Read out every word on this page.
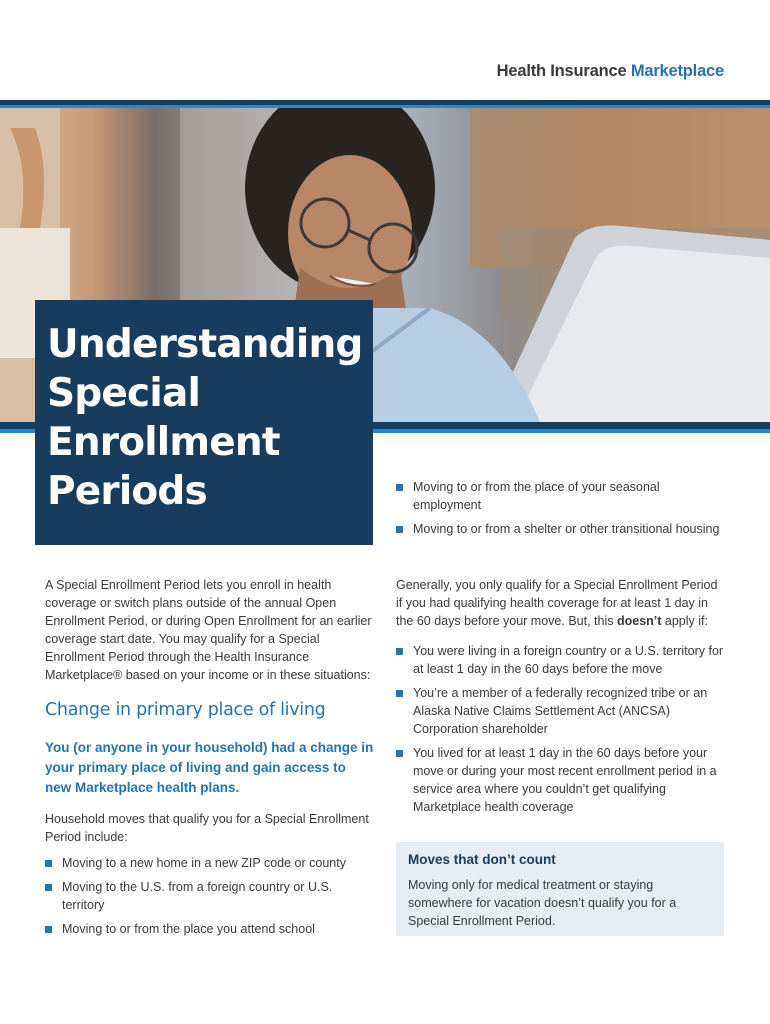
Health Insurance Marketplace
Understanding
Special
Enrollment
Periods	Moving to or from the place of your seasonal employment
Moving to or from a shelter or other transitional housing

A Special Enrollment Period lets you enroll in health coverage or switch plans outside of the annual Open Enrollment Period, or during Open Enrollment for an earlier coverage start date. You may qualify for a Special Enrollment Period through the Health Insurance Marketplace® based on your income or in these situations:

Change in primary place of living

You (or anyone in your household) had a change in your primary place of living and gain access to new Marketplace health plans.

Household moves that qualify you for a Special Enrollment Period include:

Moving to a new home in a new ZIP code or county
Moving to the U.S. from a foreign country or U.S. territory
Moving to or from the place you attend school

Generally, you only qualify for a Special Enrollment Period if you had qualifying health coverage for at least 1 day in the 60 days before your move. But, this doesn’t apply if:

You were living in a foreign country or a U.S. territory for at least 1 day in the 60 days before the move
You’re a member of a federally recognized tribe or an Alaska Native Claims Settlement Act (ANCSA) Corporation shareholder
You lived for at least 1 day in the 60 days before your move or during your most recent enrollment period in a service area where you couldn’t get qualifying Marketplace health coverage
Moves that don’t count

Moving only for medical treatment or staying somewhere for vacation doesn’t qualify you for a Special Enrollment Period.
